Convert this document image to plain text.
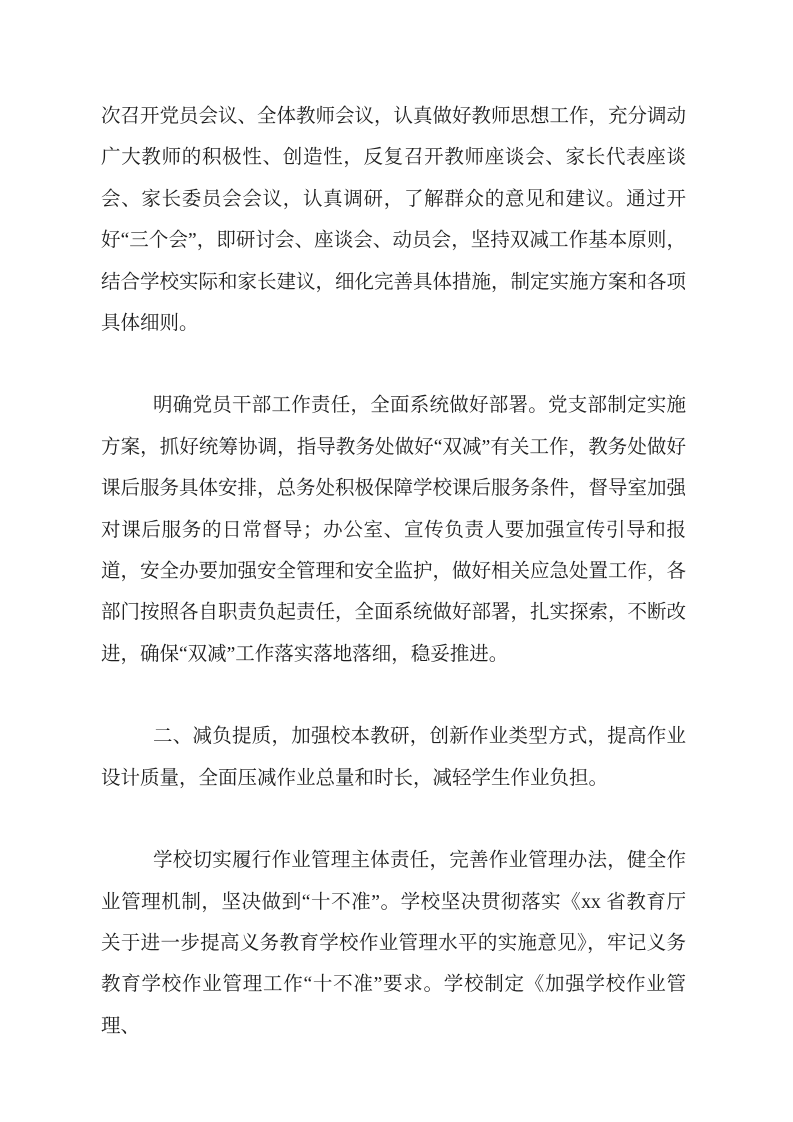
次召开党员会议、全体教师会议，认真做好教师思想工作，充分调动广大教师的积极性、创造性，反复召开教师座谈会、家长代表座谈会、家长委员会会议，认真调研，了解群众的意见和建议。通过开好“三个会”，即研讨会、座谈会、动员会，坚持双减工作基本原则，结合学校实际和家长建议，细化完善具体措施，制定实施方案和各项具体细则。

明确党员干部工作责任，全面系统做好部署。党支部制定实施方案，抓好统筹协调，指导教务处做好“双减”有关工作，教务处做好课后服务具体安排，总务处积极保障学校课后服务条件，督导室加强对课后服务的日常督导；办公室、宣传负责人要加强宣传引导和报道，安全办要加强安全管理和安全监护，做好相关应急处置工作，各部门按照各自职责负起责任，全面系统做好部署，扎实探索，不断改进，确保“双减”工作落实落地落细，稳妥推进。

二、减负提质，加强校本教研，创新作业类型方式，提高作业设计质量，全面压减作业总量和时长，减轻学生作业负担。

学校切实履行作业管理主体责任，完善作业管理办法，健全作业管理机制，坚决做到“十不准”。学校坚决贯彻落实《xx 省教育厅关于进一步提高义务教育学校作业管理水平的实施意见》，牢记义务教育学校作业管理工作“十不准”要求。学校制定《加强学校作业管理、
